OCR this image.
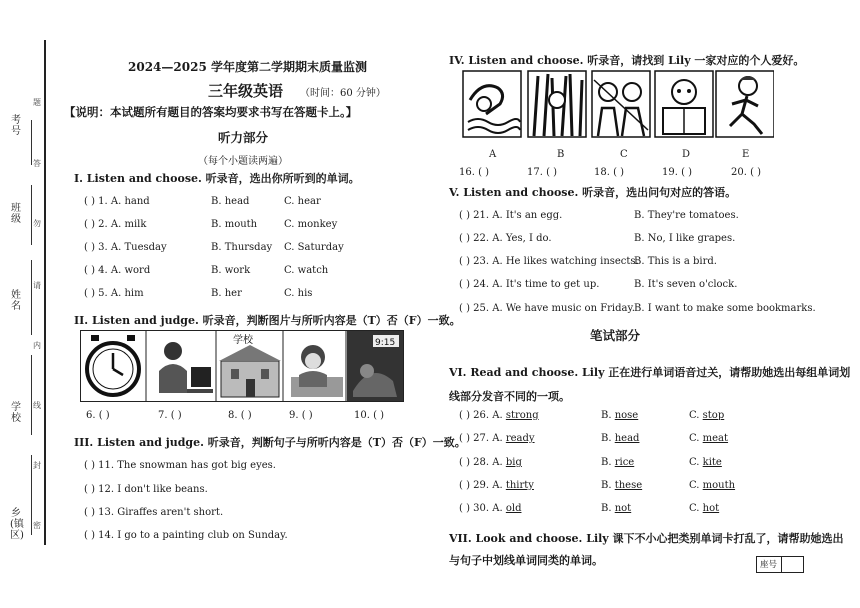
考号
班级
姓名
学校
乡(镇区)
题
答
勿
请
内
线
封
密
2024—2025 学年度第二学期期末质量监测
三年级英语 （时间：60 分钟）
【说明：本试题所有题目的答案均要求书写在答题卡上。】
听力部分
（每个小题读两遍）
I. Listen and choose. 听录音，选出你所听到的单词。
( ) 1. A. hand	B. head	C. hear
( ) 2. A. milk	B. mouth	C. monkey
( ) 3. A. Tuesday	B. Thursday C. Saturday
( ) 4. A. word	B. work	C. watch
( ) 5. A. him	B. her	C. his
II. Listen and judge. 听录音，判断图片与所听内容是（T）否（F）一致。
学校	9:15
6. ( )	7. ( )	8. ( )	9. ( )	10. ( )
III. Listen and judge. 听录音，判断句子与所听内容是（T）否（F）一致。
( ) 11. The snowman has got big eyes.
( ) 12. I don't like beans.
( ) 13. Giraffes aren't short.
( ) 14. I go to a painting club on Sunday.
IV. Listen and choose. 听录音，请找到 Lily 一家对应的个人爱好。
A	B	C	D	E
16. ( )	17. ( )	18. ( )	19. ( )	20. ( )
V. Listen and choose. 听录音，选出问句对应的答语。
( ) 21. A. It's an egg.	B. They're tomatoes.
( ) 22. A. Yes, I do.	B. No, I like grapes.
( ) 23. A. He likes watching insects.
B. This is a bird.
( ) 24. A. It's time to get up.	B. It's seven o'clock.
( ) 25. A. We have music on Friday. B. I want to make some bookmarks.
笔试部分
VI. Read and choose. Lily 正在进行单词语音过关，请帮助她选出每组单词划
线部分发音不同的一项。
( ) 26. A. strong	B. nose	C. stop
( ) 27. A. ready	B. head	C. meat
( ) 28. A. big	B. rice	C. kite
( ) 29. A. thirty	B. these	C. mouth
( ) 30. A. old	B. not	C. hot
VII. Look and choose. Lily 课下不小心把类别单词卡打乱了，请帮助她选出
与句子中划线单词同类的单词。	座号
